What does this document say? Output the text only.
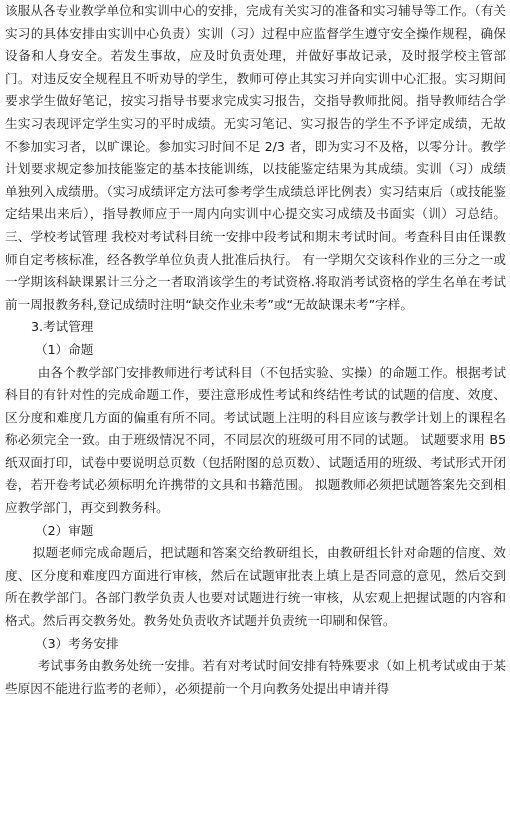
该服从各专业教学单位和实训中心的安排，完成有关实习的准备和实习辅导等工作。（有关实习的具体安排由实训中心负责）实训（习）过程中应监督学生遵守安全操作规程，确保设备和人身安全。若发生事故，应及时负责处理，并做好事故记录，及时报学校主管部门。对违反安全规程且不听劝导的学生，教师可停止其实习并向实训中心汇报。实习期间要求学生做好笔记，按实习指导书要求完成实习报告，交指导教师批阅。指导教师结合学生实习表现评定学生实习的平时成绩。无实习笔记、实习报告的学生不予评定成绩，无故不参加实习者，以旷课论。参加实习时间不足 2/3 者，即为实习不及格，以零分计。教学计划要求规定参加技能鉴定的基本技能训练，以技能鉴定结果为其成绩。实训（习）成绩单独列入成绩册。（实习成绩评定方法可参考学生成绩总评比例表）实习结束后（或技能鉴定结果出来后），指导教师应于一周内向实训中心提交实习成绩及书面实（训）习总结。三、学校考试管理 我校对考试科目统一安排中段考试和期末考试时间。考查科目由任课教师自定考核标准，经各教学单位负责人批准后执行。 有一学期欠交该科作业的三分之一或一学期该科缺课累计三分之一者取消该学生的考试资格.将取消考试资格的学生名单在考试前一周报教务科,登记成绩时注明“缺交作业未考”或“无故缺课未考”字样。

3.考试管理

（1）命题

由各个教学部门安排教师进行考试科目（不包括实验、实操）的命题工作。根据考试科目的有针对性的完成命题工作，要注意形成性考试和终结性考试的试题的信度、效度、区分度和难度几方面的偏重有所不同。考试试题上注明的科目应该与教学计划上的课程名称必须完全一致。由于班级情况不同，不同层次的班级可用不同的试题。 试题要求用 B5 纸双面打印，试卷中要说明总页数（包括附图的总页数）、试题适用的班级、考试形式开闭卷，若开卷考试必须标明允许携带的文具和书籍范围。 拟题教师必须把试题答案先交到相应教学部门，再交到教务科。

（2）审题

拟题老师完成命题后，把试题和答案交给教研组长，由教研组长针对命题的信度、效度、区分度和难度四方面进行审核，然后在试题审批表上填上是否同意的意见，然后交到所在教学部门。各部门教学负责人也要对试题进行统一审核，从宏观上把握试题的内容和格式。然后再交教务处。教务处负责收齐试题并负责统一印刷和保管。

（3）考务安排

考试事务由教务处统一安排。若有对考试时间安排有特殊要求（如上机考试或由于某些原因不能进行监考的老师），必须提前一个月向教务处提出申请并得
